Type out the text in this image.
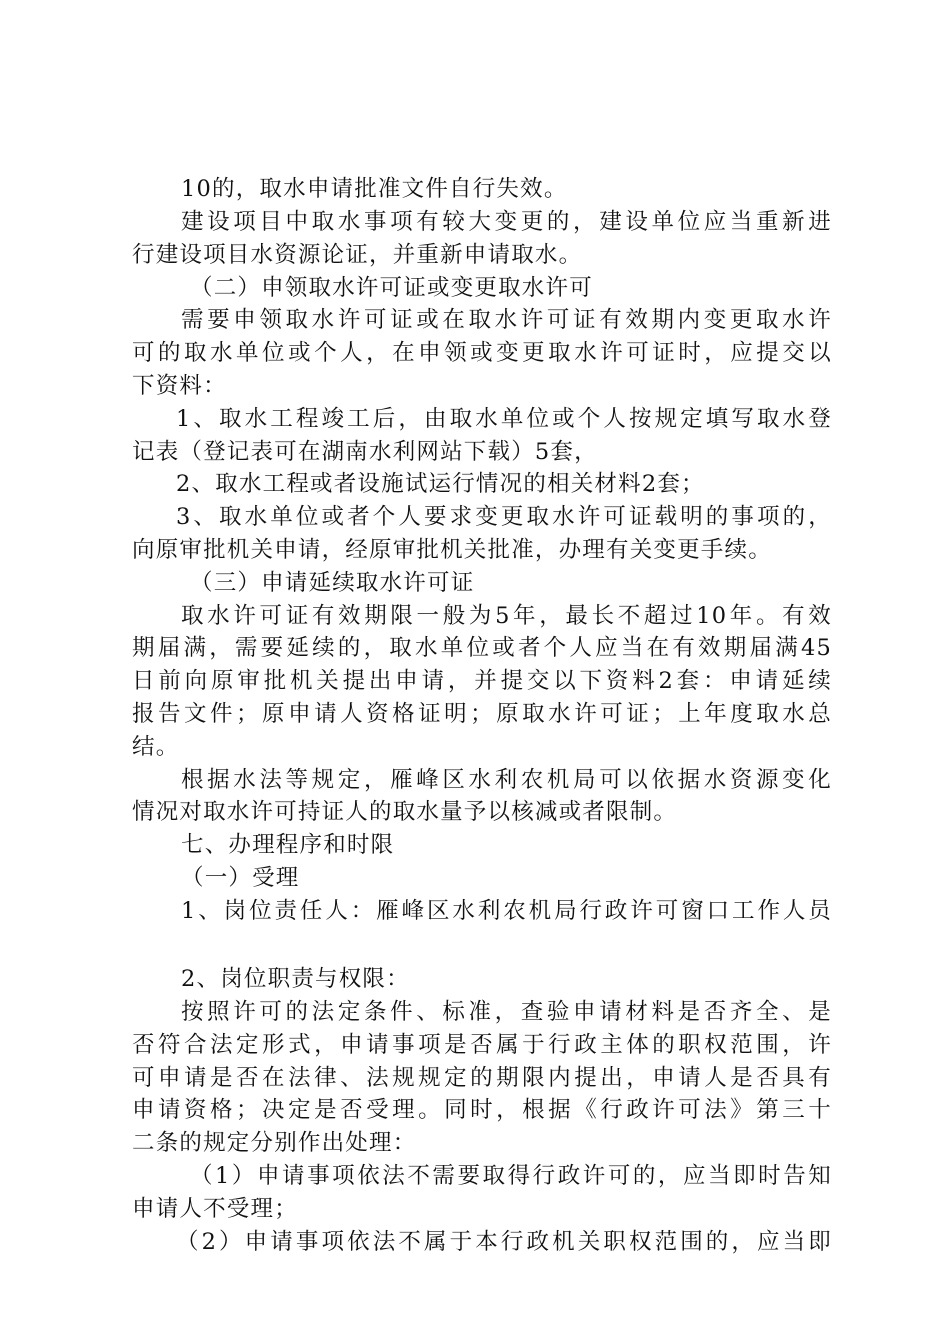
10的，取水申请批准文件自行失效。
建设项目中取水事项有较大变更的，建设单位应当重新进
行建设项目水资源论证，并重新申请取水。
（二）申领取水许可证或变更取水许可
需要申领取水许可证或在取水许可证有效期内变更取水许
可的取水单位或个人，在申领或变更取水许可证时，应提交以
下资料：
1、取水工程竣工后，由取水单位或个人按规定填写取水登
记表（登记表可在湖南水利网站下载）5套，
2、取水工程或者设施试运行情况的相关材料2套；
3、取水单位或者个人要求变更取水许可证载明的事项的，
向原审批机关申请，经原审批机关批准，办理有关变更手续。
（三）申请延续取水许可证
取水许可证有效期限一般为5年，最长不超过10年。有效
期届满，需要延续的，取水单位或者个人应当在有效期届满45
日前向原审批机关提出申请，并提交以下资料2套：申请延续
报告文件；原申请人资格证明；原取水许可证；上年度取水总
结。
根据水法等规定，雁峰区水利农机局可以依据水资源变化
情况对取水许可持证人的取水量予以核减或者限制。
七、办理程序和时限
（一）受理
1、岗位责任人：雁峰区水利农机局行政许可窗口工作人员
2、岗位职责与权限：
按照许可的法定条件、标准，查验申请材料是否齐全、是
否符合法定形式，申请事项是否属于行政主体的职权范围，许
可申请是否在法律、法规规定的期限内提出，申请人是否具有
申请资格；决定是否受理。同时，根据《行政许可法》第三十
二条的规定分别作出处理：
（1）申请事项依法不需要取得行政许可的，应当即时告知
申请人不受理；
（2）申请事项依法不属于本行政机关职权范围的，应当即
